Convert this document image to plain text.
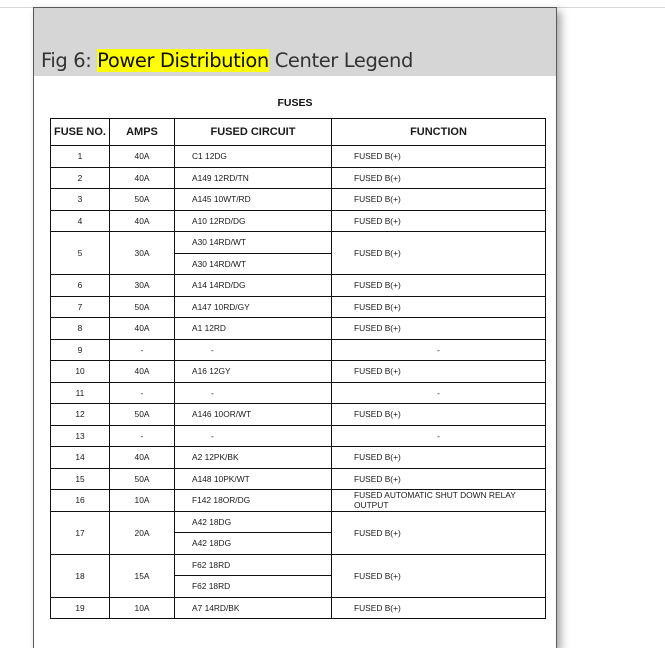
Fig 6: Power Distribution Center Legend
FUSES
FUSE NO.	AMPS	FUSED CIRCUIT	FUNCTION
1	40A	C1 12DG	FUSED B(+)
2	40A	A149 12RD/TN	FUSED B(+)
3	50A	A145 10WT/RD	FUSED B(+)
4	40A	A10 12RD/DG	FUSED B(+)
5	30A	A30 14RD/WT	FUSED B(+)
		A30 14RD/WT	
6	30A	A14 14RD/DG	FUSED B(+)
7	50A	A147 10RD/GY	FUSED B(+)
8	40A	A1 12RD	FUSED B(+)
9	-	-	-
10	40A	A16 12GY	FUSED B(+)
11	-	-	-
12	50A	A146 10OR/WT	FUSED B(+)
13	-	-	-
14	40A	A2 12PK/BK	FUSED B(+)
15	50A	A148 10PK/WT	FUSED B(+)
16	10A	F142 18OR/DG	FUSED AUTOMATIC SHUT DOWN RELAY OUTPUT
17	20A	A42 18DG	FUSED B(+)
		A42 18DG	
18	15A	F62 18RD	FUSED B(+)
		F62 18RD	
19	10A	A7 14RD/BK	FUSED B(+)
